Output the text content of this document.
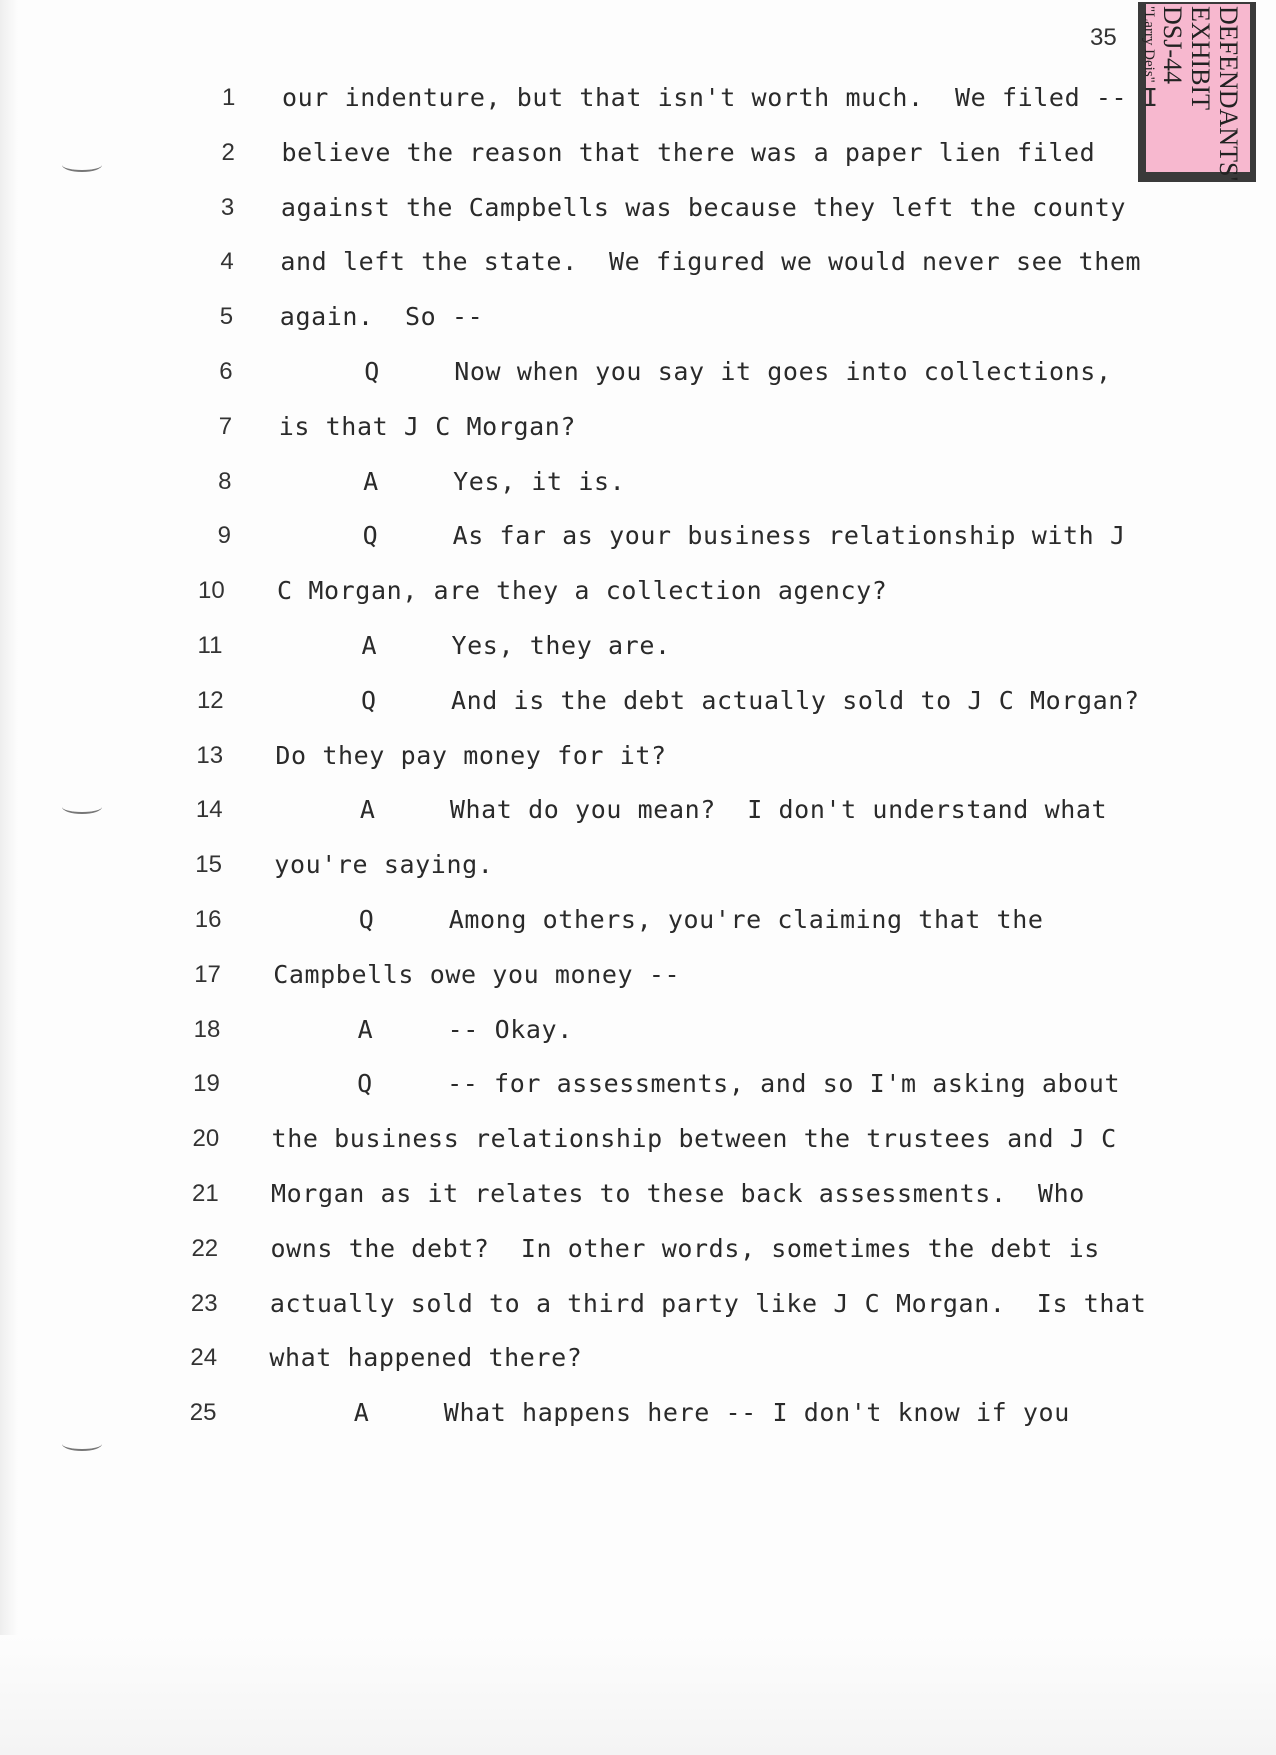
35	DEFENDANTS'
EXHIBIT
DSJ-44
"Larry Deis"
1 our indenture, but that isn't worth much.  We filed -- I
2 believe the reason that there was a paper lien filed
3 against the Campbells was because they left the county
4 and left the state.  We figured we would never see them
5 again.  So --
6	Q	Now when you say it goes into collections,
7 is that J C Morgan?
8	A	Yes, it is.
9	Q	As far as your business relationship with J
10 C Morgan, are they a collection agency?
11	A	Yes, they are.
12	Q	And is the debt actually sold to J C Morgan?
13 Do they pay money for it?
14	A	What do you mean?  I don't understand what
15 you're saying.
16	Q	Among others, you're claiming that the
17 Campbells owe you money --
18	A	-- Okay.
19	Q	-- for assessments, and so I'm asking about
20 the business relationship between the trustees and J C
21 Morgan as it relates to these back assessments.  Who
22 owns the debt?  In other words, sometimes the debt is
23 actually sold to a third party like J C Morgan.  Is that
24 what happened there?
25	A	What happens here -- I don't know if you
